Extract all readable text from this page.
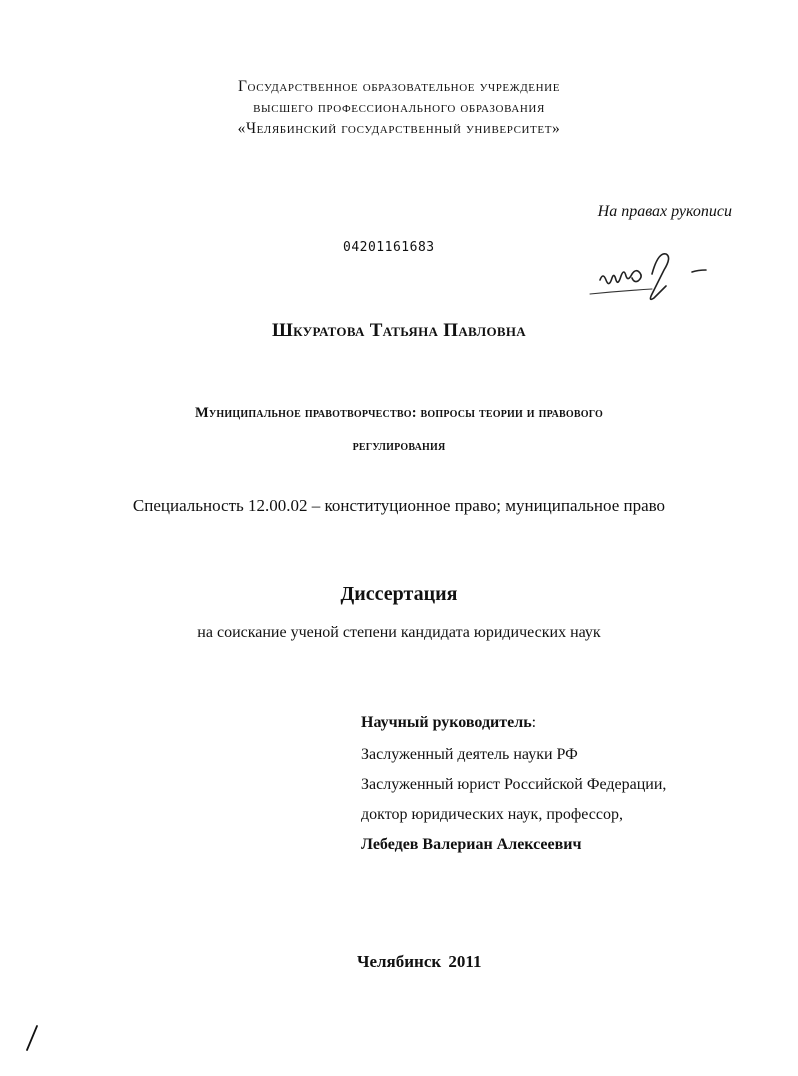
Государственное образовательное учреждение
высшего профессионального образования
«Челябинский государственный университет»
На правах рукописи
04201161683
Шкуратова Татьяна Павловна
Муниципальное правотворчество: вопросы теории и правового
регулирования
Специальность 12.00.02 – конституционное право; муниципальное право
Диссертация
на соискание ученой степени кандидата юридических наук
Научный руководитель:
Заслуженный деятель науки РФ
Заслуженный юрист Российской Федерации,
доктор юридических наук, профессор,
Лебедев Валериан Алексеевич
Челябинск 2011
